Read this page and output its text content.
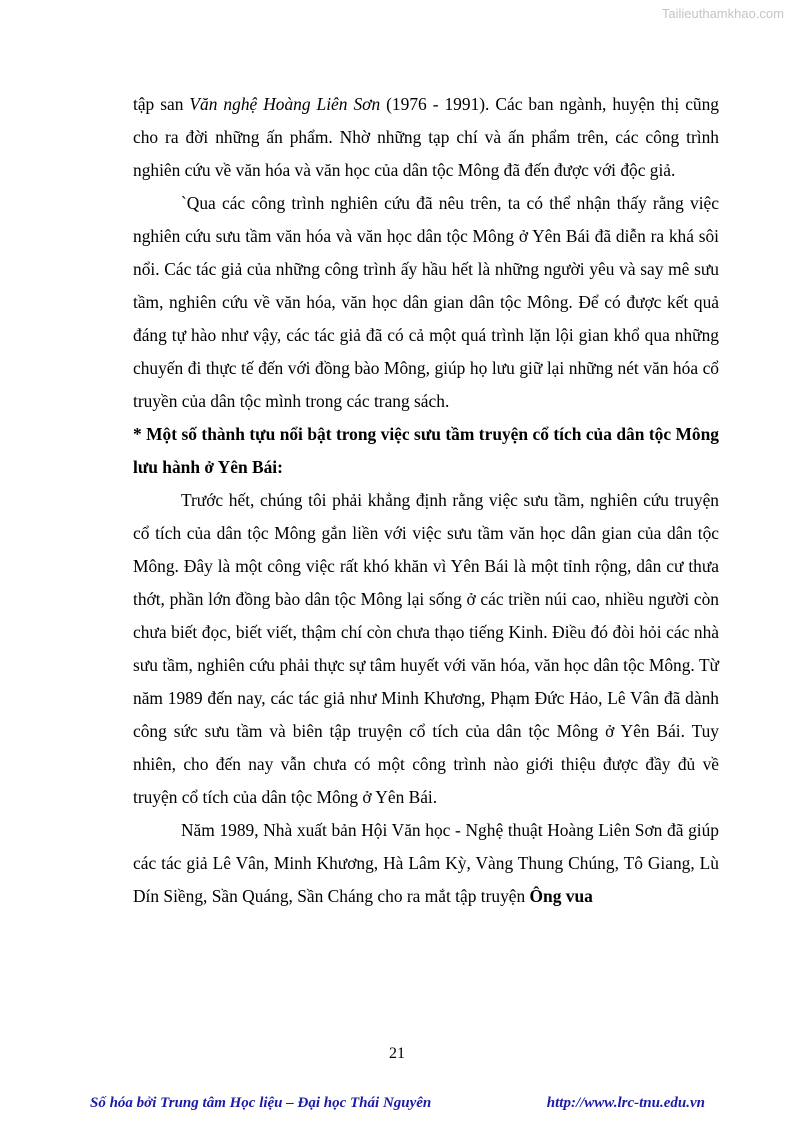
Tailieuthamkhao.com

tập san Văn nghệ Hoàng Liên Sơn (1976 - 1991). Các ban ngành, huyện thị cũng cho ra đời những ấn phẩm. Nhờ những tạp chí và ấn phẩm trên, các công trình nghiên cứu về văn hóa và văn học của dân tộc Mông đã đến được với độc giả.

`Qua các công trình nghiên cứu đã nêu trên, ta có thể nhận thấy rằng việc nghiên cứu sưu tầm văn hóa và văn học dân tộc Mông ở Yên Bái đã diễn ra khá sôi nổi. Các tác giả của những công trình ấy hầu hết là những người yêu và say mê sưu tầm, nghiên cứu về văn hóa, văn học dân gian dân tộc Mông. Để có được kết quả đáng tự hào như vậy, các tác giả đã có cả một quá trình lặn lội gian khổ qua những chuyến đi thực tế đến với đồng bào Mông, giúp họ lưu giữ lại những nét văn hóa cổ truyền của dân tộc mình trong các trang sách.

* Một số thành tựu nổi bật trong việc sưu tầm truyện cổ tích của dân tộc Mông lưu hành ở Yên Bái:

Trước hết, chúng tôi phải khẳng định rằng việc sưu tầm, nghiên cứu truyện cổ tích của dân tộc Mông gắn liền với việc sưu tầm văn học dân gian của dân tộc Mông. Đây là một công việc rất khó khăn vì Yên Bái là một tỉnh rộng, dân cư thưa thớt, phần lớn đồng bào dân tộc Mông lại sống ở các triền núi cao, nhiều người còn chưa biết đọc, biết viết, thậm chí còn chưa thạo tiếng Kinh. Điều đó đòi hỏi các nhà sưu tầm, nghiên cứu phải thực sự tâm huyết với văn hóa, văn học dân tộc Mông. Từ năm 1989 đến nay, các tác giả như Minh Khương, Phạm Đức Hảo, Lê Vân đã dành công sức sưu tầm và biên tập truyện cổ tích của dân tộc Mông ở Yên Bái. Tuy nhiên, cho đến nay vẫn chưa có một công trình nào giới thiệu được đầy đủ về truyện cổ tích của dân tộc Mông ở Yên Bái.

Năm 1989, Nhà xuất bản Hội Văn học - Nghệ thuật Hoàng Liên Sơn đã giúp các tác giả Lê Vân, Minh Khương, Hà Lâm Kỳ, Vàng Thung Chúng, Tô Giang, Lù Dín Siềng, Sần Quáng, Sần Cháng cho ra mắt tập truyện Ông vua

21
Số hóa bởi Trung tâm Học liệu – Đại học Thái Nguyên	http://www.lrc-tnu.edu.vn
